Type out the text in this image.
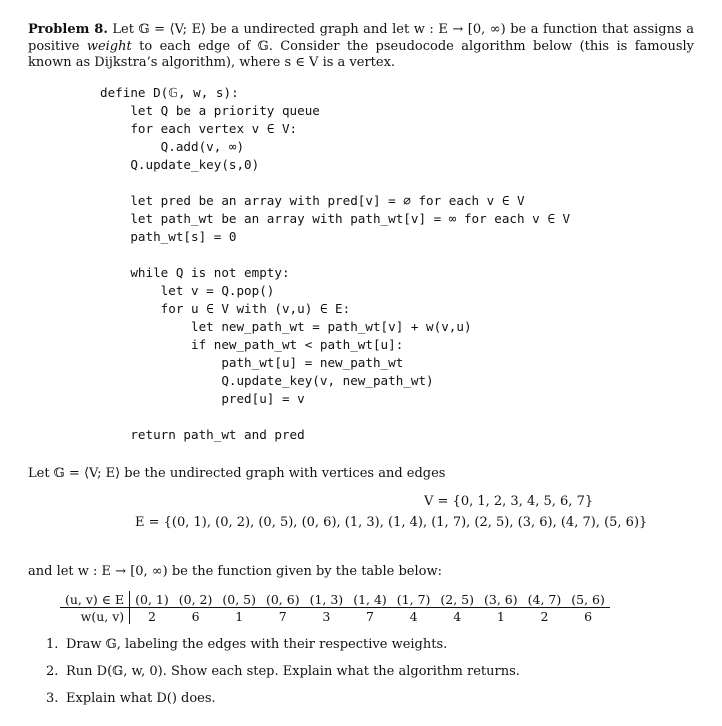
Problem 8. Let 𝔾 = ⟨V; E⟩ be a undirected graph and let w : E → [0, ∞) be a function that assigns a positive weight to each edge of 𝔾. Consider the pseudocode algorithm below (this is famously known as Dijkstra’s algorithm), where s ∈ V is a vertex.
define D(𝔾, w, s):
let Q be a priority queue
for each vertex v ∈ V:
Q.add(v, ∞)
Q.update_key(s,0)
let pred be an array with pred[v] = ∅ for each v ∈ V
let path_wt be an array with path_wt[v] = ∞ for each v ∈ V
path_wt[s] = 0
while Q is not empty:
let v = Q.pop()
for u ∈ V with (v,u) ∈ E:
let new_path_wt = path_wt[v] + w(v,u)
if new_path_wt < path_wt[u]:
path_wt[u] = new_path_wt
Q.update_key(v, new_path_wt)
pred[u] = v
return path_wt and pred
Let 𝔾 = ⟨V; E⟩ be the undirected graph with vertices and edges
V = {0, 1, 2, 3, 4, 5, 6, 7}
E = {(0, 1), (0, 2), (0, 5), (0, 6), (1, 3), (1, 4), (1, 7), (2, 5), (3, 6), (4, 7), (5, 6)}
and let w : E → [0, ∞) be the function given by the table below:
(u, v) ∈ E	(0, 1)	(0, 2)	(0, 5)	(0, 6)	(1, 3)	(1, 4)	(1, 7)	(2, 5)	(3, 6)	(4, 7)	(5, 6)
w(u, v)	2	6	1	7	3	7	4	4	1	2	6
1. Draw 𝔾, labeling the edges with their respective weights.
2. Run D(𝔾, w, 0). Show each step. Explain what the algorithm returns.
3. Explain what D() does.
